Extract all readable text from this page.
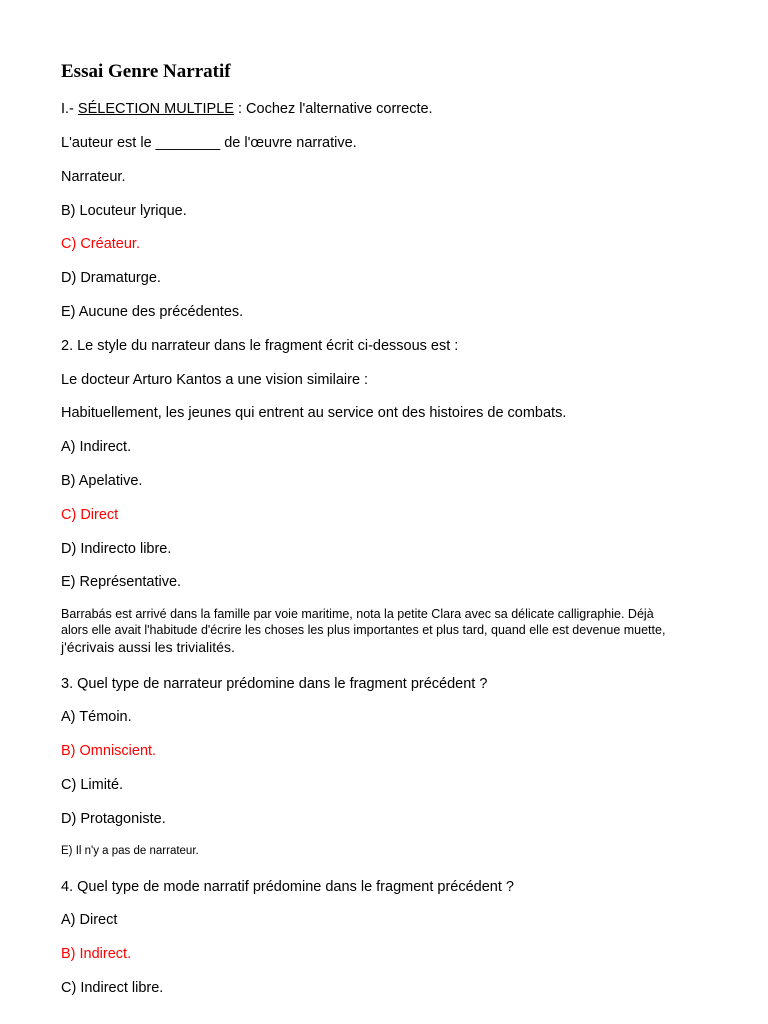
Essai Genre Narratif
I.- SÉLECTION MULTIPLE : Cochez l'alternative correcte.
L'auteur est le ________ de l'œuvre narrative.
Narrateur.
B) Locuteur lyrique.
C) Créateur.
D) Dramaturge.
E) Aucune des précédentes.
2. Le style du narrateur dans le fragment écrit ci-dessous est :
Le docteur Arturo Kantos a une vision similaire :
Habituellement, les jeunes qui entrent au service ont des histoires de combats.
A) Indirect.
B) Apelative.
C) Direct
D) Indirecto libre.
E) Représentative.
Barrabás est arrivé dans la famille par voie maritime, nota la petite Clara avec sa délicate calligraphie. Déjà
alors elle avait l'habitude d'écrire les choses les plus importantes et plus tard, quand elle est devenue muette,
j'écrivais aussi les trivialités.
3. Quel type de narrateur prédomine dans le fragment précédent ?
A) Témoin.
B) Omniscient.
C) Limité.
D) Protagoniste.
E) Il n'y a pas de narrateur.
4. Quel type de mode narratif prédomine dans le fragment précédent ?
A) Direct
B) Indirect.
C) Indirect libre.
